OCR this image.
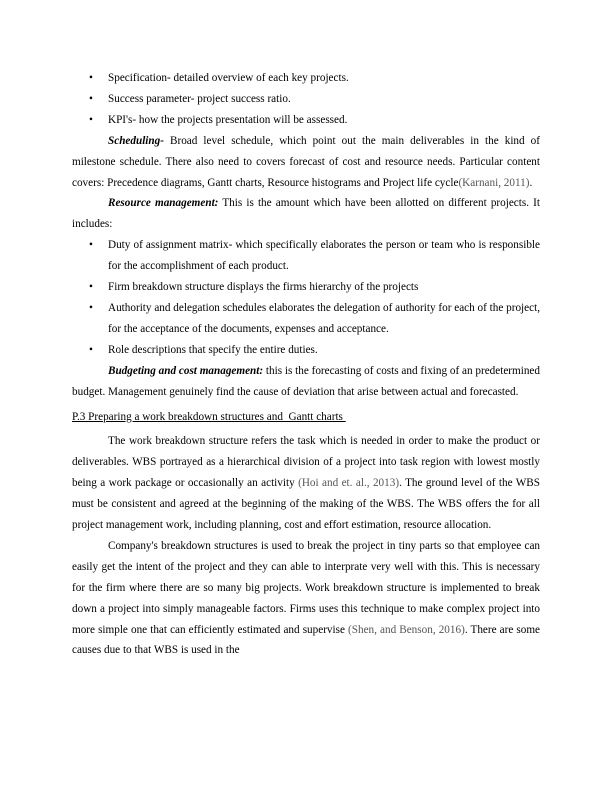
• Specification- detailed overview of each key projects.
• Success parameter- project success ratio.
• KPI's- how the projects presentation will be assessed.

Scheduling- Broad level schedule, which point out the main deliverables in the kind of milestone schedule. There also need to covers forecast of cost and resource needs. Particular content covers: Precedence diagrams, Gantt charts, Resource histograms and Project life cycle(Karnani, 2011).

Resource management: This is the amount which have been allotted on different projects. It includes:

• Duty of assignment matrix- which specifically elaborates the person or team who is responsible for the accomplishment of each product.
• Firm breakdown structure displays the firms hierarchy of the projects
• Authority and delegation schedules elaborates the delegation of authority for each of the project, for the acceptance of the documents, expenses and acceptance.
• Role descriptions that specify the entire duties.

Budgeting and cost management: this is the forecasting of costs and fixing of an predetermined budget. Management genuinely find the cause of deviation that arise between actual and forecasted.

P.3 Preparing a work breakdown structures and  Gantt charts

The work breakdown structure refers the task which is needed in order to make the product or deliverables. WBS portrayed as a hierarchical division of a project into task region with lowest mostly being a work package or occasionally an activity (Hoi and et. al., 2013). The ground level of the WBS must be consistent and agreed at the beginning of the making of the WBS. The WBS offers the for all project management work, including planning, cost and effort estimation, resource allocation.

Company's breakdown structures is used to break the project in tiny parts so that employee can easily get the intent of the project and they can able to interprate very well with this. This is necessary for the firm where there are so many big projects. Work breakdown structure is implemented to break down a project into simply manageable factors. Firms uses this technique to make complex project into more simple one that can efficiently estimated and supervise (Shen, and Benson, 2016). There are some causes due to that WBS is used in the
